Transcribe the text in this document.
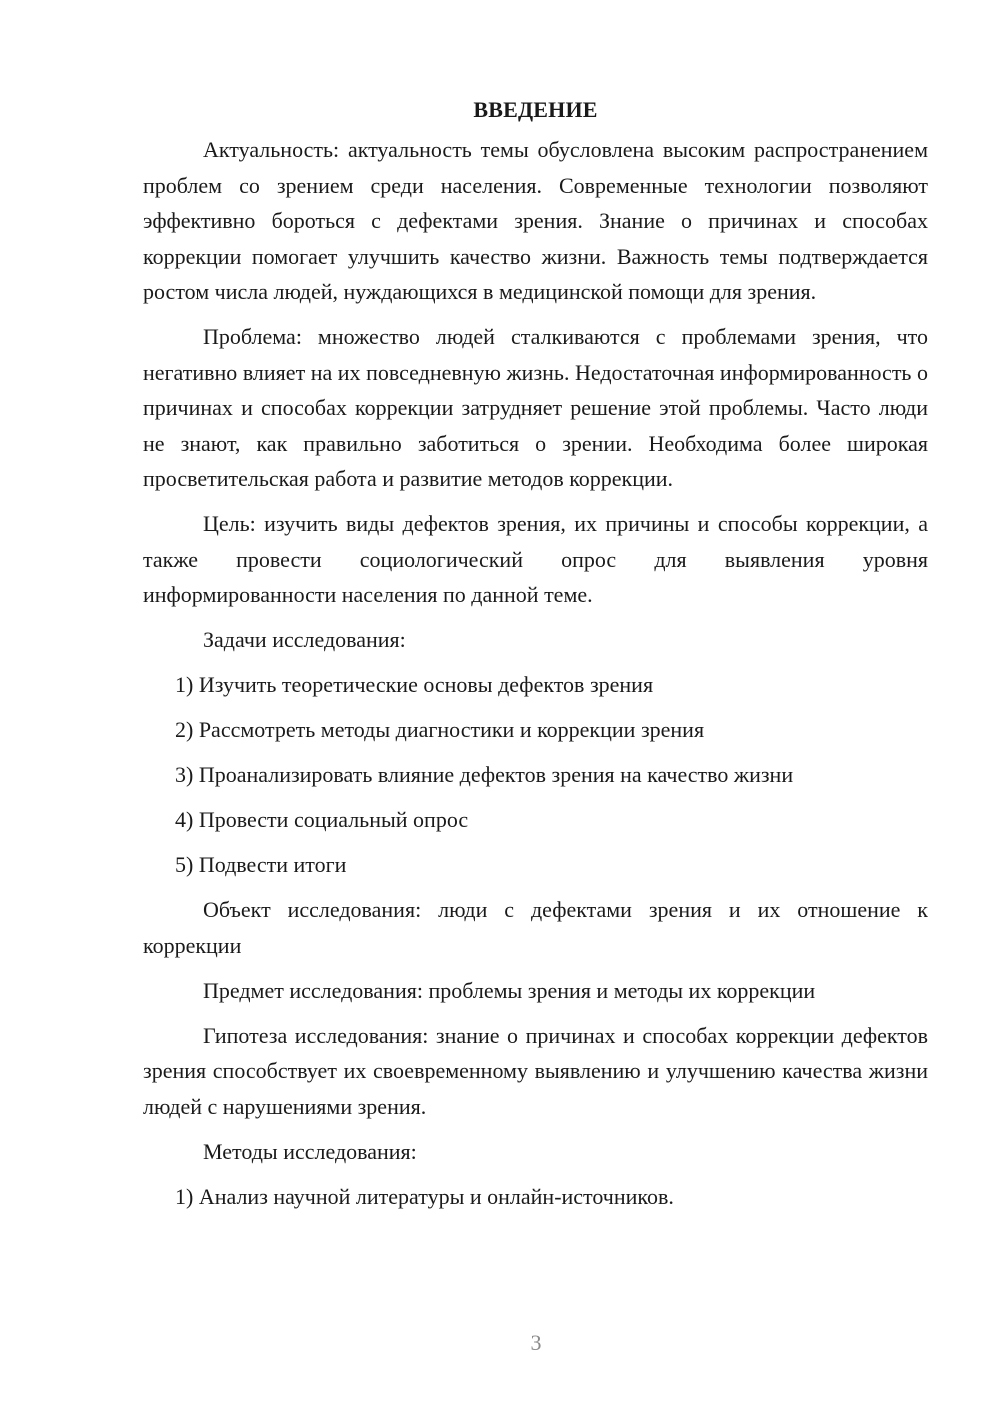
ВВЕДЕНИЕ

Актуальность: актуальность темы обусловлена высоким распространением проблем со зрением среди населения. Современные технологии позволяют эффективно бороться с дефектами зрения. Знание о причинах и способах коррекции помогает улучшить качество жизни. Важность темы подтверждается ростом числа людей, нуждающихся в медицинской помощи для зрения.

Проблема: множество людей сталкиваются с проблемами зрения, что негативно влияет на их повседневную жизнь. Недостаточная информированность о причинах и способах коррекции затрудняет решение этой проблемы. Часто люди не знают, как правильно заботиться о зрении. Необходима более широкая просветительская работа и развитие методов коррекции.

Цель: изучить виды дефектов зрения, их причины и способы коррекции, а также провести социологический опрос для выявления уровня информированности населения по данной теме.

Задачи исследования:

1) Изучить теоретические основы дефектов зрения
2) Рассмотреть методы диагностики и коррекции зрения
3) Проанализировать влияние дефектов зрения на качество жизни
4) Провести социальный опрос
5) Подвести итоги

Объект исследования: люди с дефектами зрения и их отношение к коррекции

Предмет исследования: проблемы зрения и методы их коррекции

Гипотеза исследования: знание о причинах и способах коррекции дефектов зрения способствует их своевременному выявлению и улучшению качества жизни людей с нарушениями зрения.

Методы исследования:

1) Анализ научной литературы и онлайн-источников.
3
